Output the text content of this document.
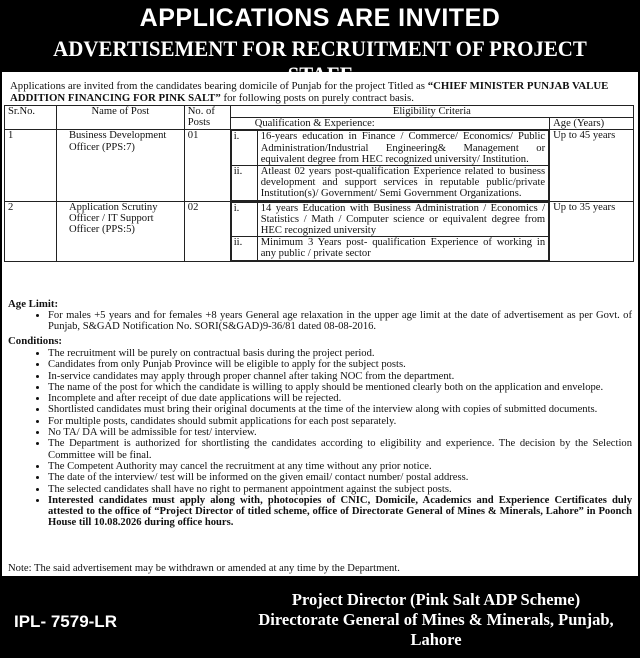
APPLICATIONS ARE INVITED
ADVERTISEMENT FOR RECRUITMENT OF PROJECT
Applications are invited from the candidates bearing domicile of Punjab for the project Titled as “CHIEF MINISTER PUNJAB VALUE ADDITION FINANCING FOR PINK SALT” for following posts on purely contract basis.
Sr.No.	Name of Post	No. of Posts	Eligibility Criteria
Qualification & Experience:	Age (Years)
1	Business Development Officer (PPS:7)	01		i.	16-years education in Finance / Commerce/ Economics/ Public Administration/Industrial Engineering& Management or equivalent degree from HEC recognized university/ Institution.
ii.	Atleast 02 years post-qualification Experience related to business development and support services in reputable public/private Institution(s)/ Government/ Semi Government Organizations.
	Up to 45 years
2	Application Scrutiny Officer / IT Support Officer (PPS:5)	02		i.	14 years Education with Business Administration / Economics / Statistics / Math / Computer science or equivalent degree from HEC recognized university
ii.	Minimum 3 Years post- qualification Experience of working in any public / private sector
	Up to 35 years
Age Limit:
• For males +5 years and for females +8 years General age relaxation in the upper age limit at the date of advertisement as per Govt. of Punjab, S&GAD Notification No. SORI(S&GAD)9-36/81 dated 08-08-2016.
Conditions:
• The recruitment will be purely on contractual basis during the project period.
• Candidates from only Punjab Province will be eligible to apply for the subject posts.
• In-service candidates may apply through proper channel after taking NOC from the department.
• The name of the post for which the candidate is willing to apply should be mentioned clearly both on the application and envelope.
• Incomplete and after receipt of due date applications will be rejected.
• Shortlisted candidates must bring their original documents at the time of the interview along with copies of submitted documents.
• For multiple posts, candidates should submit applications for each post separately.
• No TA/ DA will be admissible for test/ interview.
• The Department is authorized for shortlisting the candidates according to eligibility and experience. The decision by the Selection Committee will be final.
• The Competent Authority may cancel the recruitment at any time without any prior notice.
• The date of the interview/ test will be informed on the given email/ contact number/ postal address.
• The selected candidates shall have no right to permanent appointment against the subject posts.
• Interested candidates must apply along with, photocopies of CNIC, Domicile, Academics and Experience Certificates duly attested to the office of “Project Director of titled scheme, office of Directorate General of Mines & Minerals, Lahore” in Poonch House till 10.08.2026 during office hours.
Note: The said advertisement may be withdrawn or amended at any time by the Department.
IPL- 7579-LR
Project Director (Pink Salt ADP Scheme)
Directorate General of Mines & Minerals, Punjab,
Lahore
